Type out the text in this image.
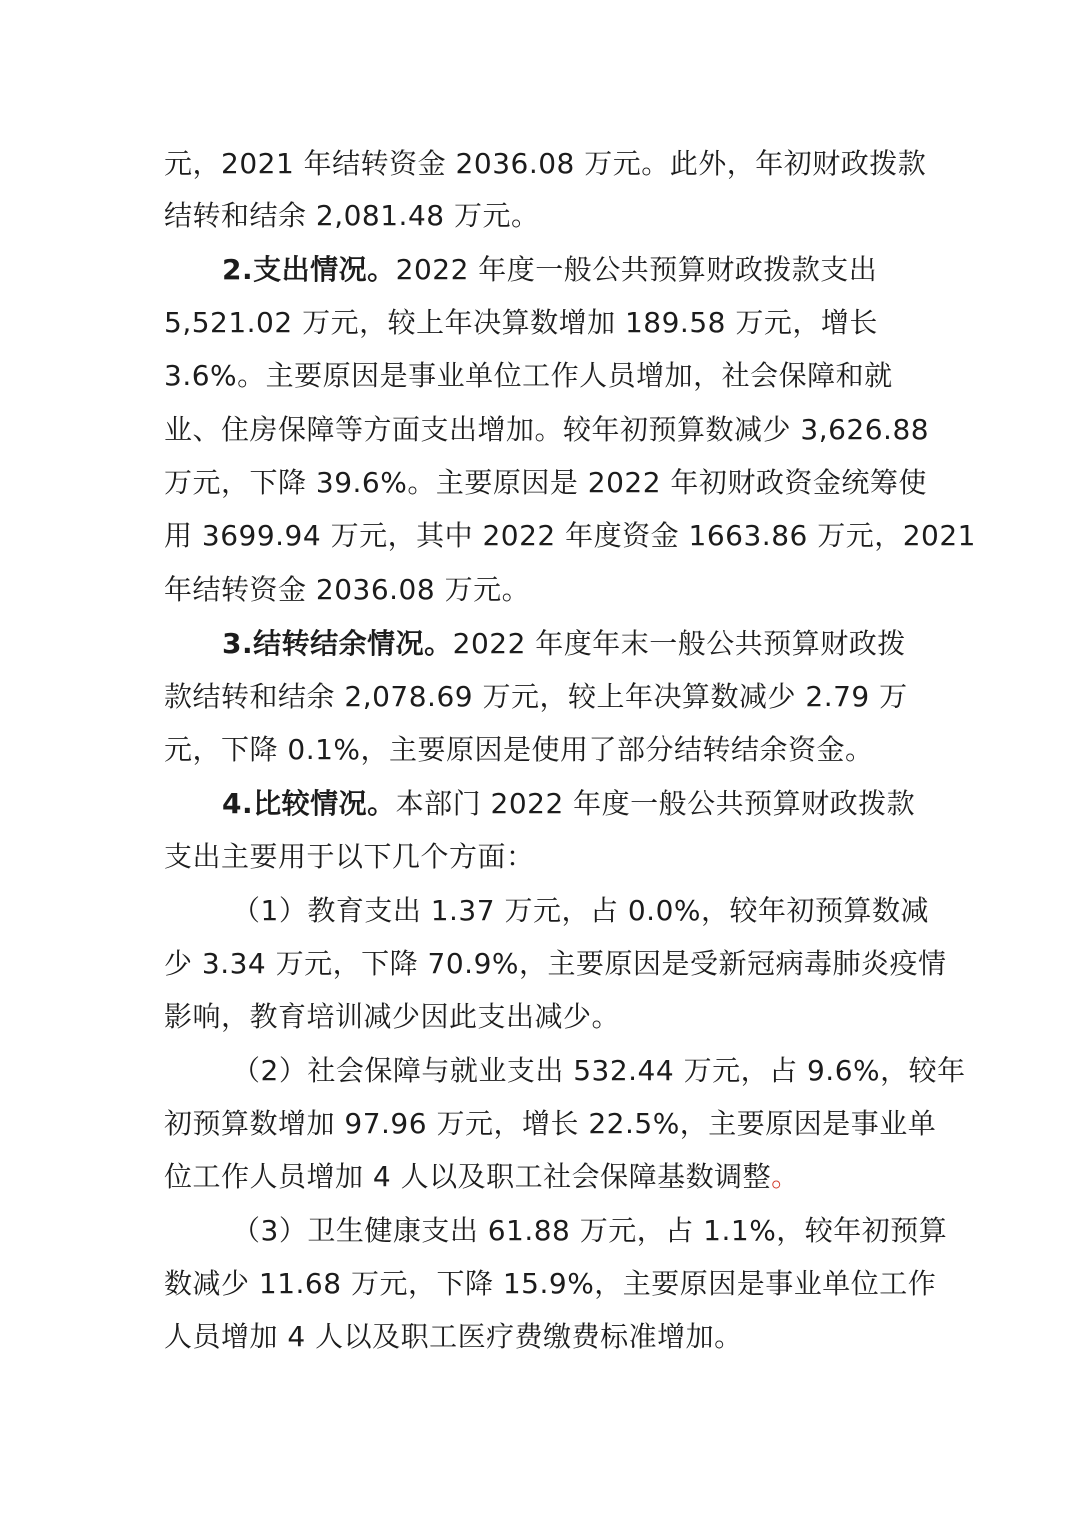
元，2021 年结转资金 2036.08 万元。此外，年初财政拨款
结转和结余 2,081.48 万元。
2.支出情况。2022 年度一般公共预算财政拨款支出
5,521.02 万元，较上年决算数增加 189.58 万元，增长
3.6%。主要原因是事业单位工作人员增加，社会保障和就
业、住房保障等方面支出增加。较年初预算数减少 3,626.88
万元，下降 39.6%。主要原因是 2022 年初财政资金统筹使
用 3699.94 万元，其中 2022 年度资金 1663.86 万元，2021
年结转资金 2036.08 万元。
3.结转结余情况。2022 年度年末一般公共预算财政拨
款结转和结余 2,078.69 万元，较上年决算数减少 2.79 万
元，下降 0.1%，主要原因是使用了部分结转结余资金。
4.比较情况。本部门 2022 年度一般公共预算财政拨款
支出主要用于以下几个方面：
（1）教育支出 1.37 万元，占 0.0%，较年初预算数减
少 3.34 万元，下降 70.9%，主要原因是受新冠病毒肺炎疫情
影响，教育培训减少因此支出减少。
（2）社会保障与就业支出 532.44 万元，占 9.6%，较年
初预算数增加 97.96 万元，增长 22.5%，主要原因是事业单
位工作人员增加 4 人以及职工社会保障基数调整。
（3）卫生健康支出 61.88 万元，占 1.1%，较年初预算
数减少 11.68 万元，下降 15.9%，主要原因是事业单位工作
人员增加 4 人以及职工医疗费缴费标准增加。
